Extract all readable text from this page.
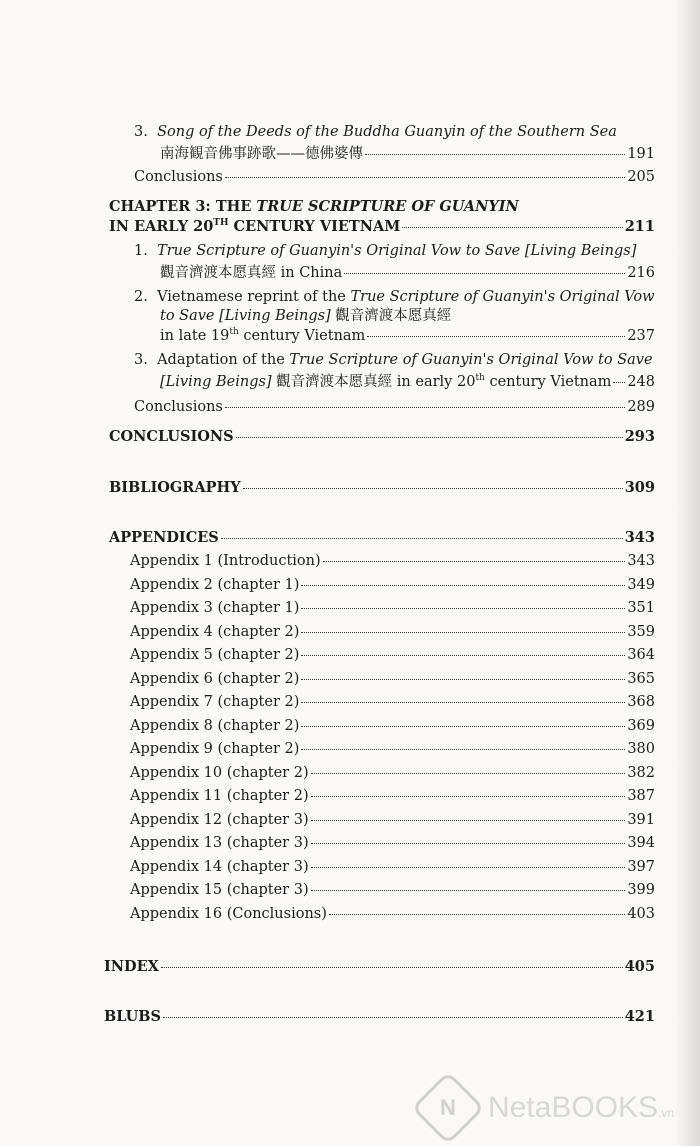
3. Song of the Deeds of the Buddha Guanyin of the Southern Sea
南海観音佛事跡歌——德佛婆傳	191
Conclusions	205
CHAPTER 3: THE TRUE SCRIPTURE OF GUANYIN
IN EARLY 20TH CENTURY VIETNAM	211
1. True Scripture of Guanyin's Original Vow to Save [Living Beings]
觀音濟渡本愿真經 in China	216
2. Vietnamese reprint of the True Scripture of Guanyin's Original Vow
to Save [Living Beings] 觀音濟渡本愿真經
in late 19th century Vietnam	237
3. Adaptation of the True Scripture of Guanyin's Original Vow to Save
[Living Beings] 觀音濟渡本愿真經 in early 20th century Vietnam 248
Conclusions	289
CONCLUSIONS	293
BIBLIOGRAPHY	309
APPENDICES	343
Appendix 1 (Introduction)	343
Appendix 2 (chapter 1)	349
Appendix 3 (chapter 1)	351
Appendix 4 (chapter 2)	359
Appendix 5 (chapter 2)	364
Appendix 6 (chapter 2)	365
Appendix 7 (chapter 2)	368
Appendix 8 (chapter 2)	369
Appendix 9 (chapter 2)	380
Appendix 10 (chapter 2)	382
Appendix 11 (chapter 2)	387
Appendix 12 (chapter 3)	391
Appendix 13 (chapter 3)	394
Appendix 14 (chapter 3)	397
Appendix 15 (chapter 3)	399
Appendix 16 (Conclusions)	403
INDEX	405
BLUBS	421
N NetaBOOKS.vn
